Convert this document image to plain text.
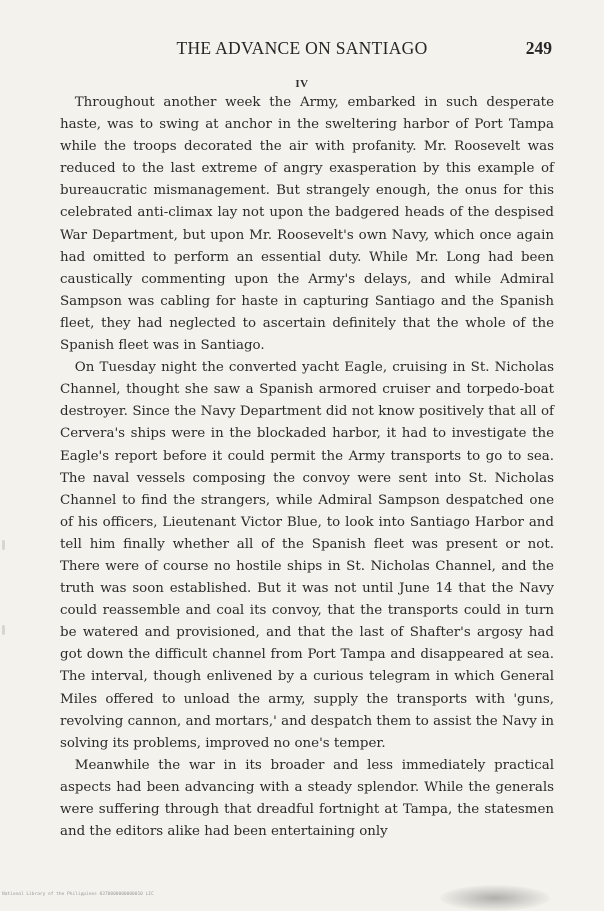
THE ADVANCE ON SANTIAGO	249
IV

Throughout another week the Army, embarked in such desperate haste, was to swing at anchor in the sweltering harbor of Port Tampa while the troops decorated the air with profanity. Mr. Roosevelt was reduced to the last extreme of angry exasperation by this example of bureaucratic mismanagement. But strangely enough, the onus for this celebrated anti-climax lay not upon the badgered heads of the despised War Department, but upon Mr. Roosevelt's own Navy, which once again had omitted to perform an essential duty. While Mr. Long had been caustically commenting upon the Army's delays, and while Admiral Sampson was cabling for haste in capturing Santiago and the Spanish fleet, they had neglected to ascertain definitely that the whole of the Spanish fleet was in Santiago.

On Tuesday night the converted yacht Eagle, cruising in St. Nicholas Channel, thought she saw a Spanish armored cruiser and torpedo-boat destroyer. Since the Navy Department did not know positively that all of Cervera's ships were in the blockaded harbor, it had to investigate the Eagle's report before it could permit the Army transports to go to sea. The naval vessels composing the convoy were sent into St. Nicholas Channel to find the strangers, while Admiral Sampson despatched one of his officers, Lieutenant Victor Blue, to look into Santiago Harbor and tell him finally whether all of the Spanish fleet was present or not. There were of course no hostile ships in St. Nicholas Channel, and the truth was soon established. But it was not until June 14 that the Navy could reassemble and coal its convoy, that the transports could in turn be watered and provisioned, and that the last of Shafter's argosy had got down the difficult channel from Port Tampa and disappeared at sea. The interval, though enlivened by a curious telegram in which General Miles offered to unload the army, supply the transports with 'guns, revolving cannon, and mortars,' and despatch them to assist the Navy in solving its problems, improved no one's temper.

Meanwhile the war in its broader and less immediately practical aspects had been advancing with a steady splendor. While the generals were suffering through that dreadful fortnight at Tampa, the statesmen and the editors alike had been entertaining only

National Library of the Philippines 0370000000000010 LIC
